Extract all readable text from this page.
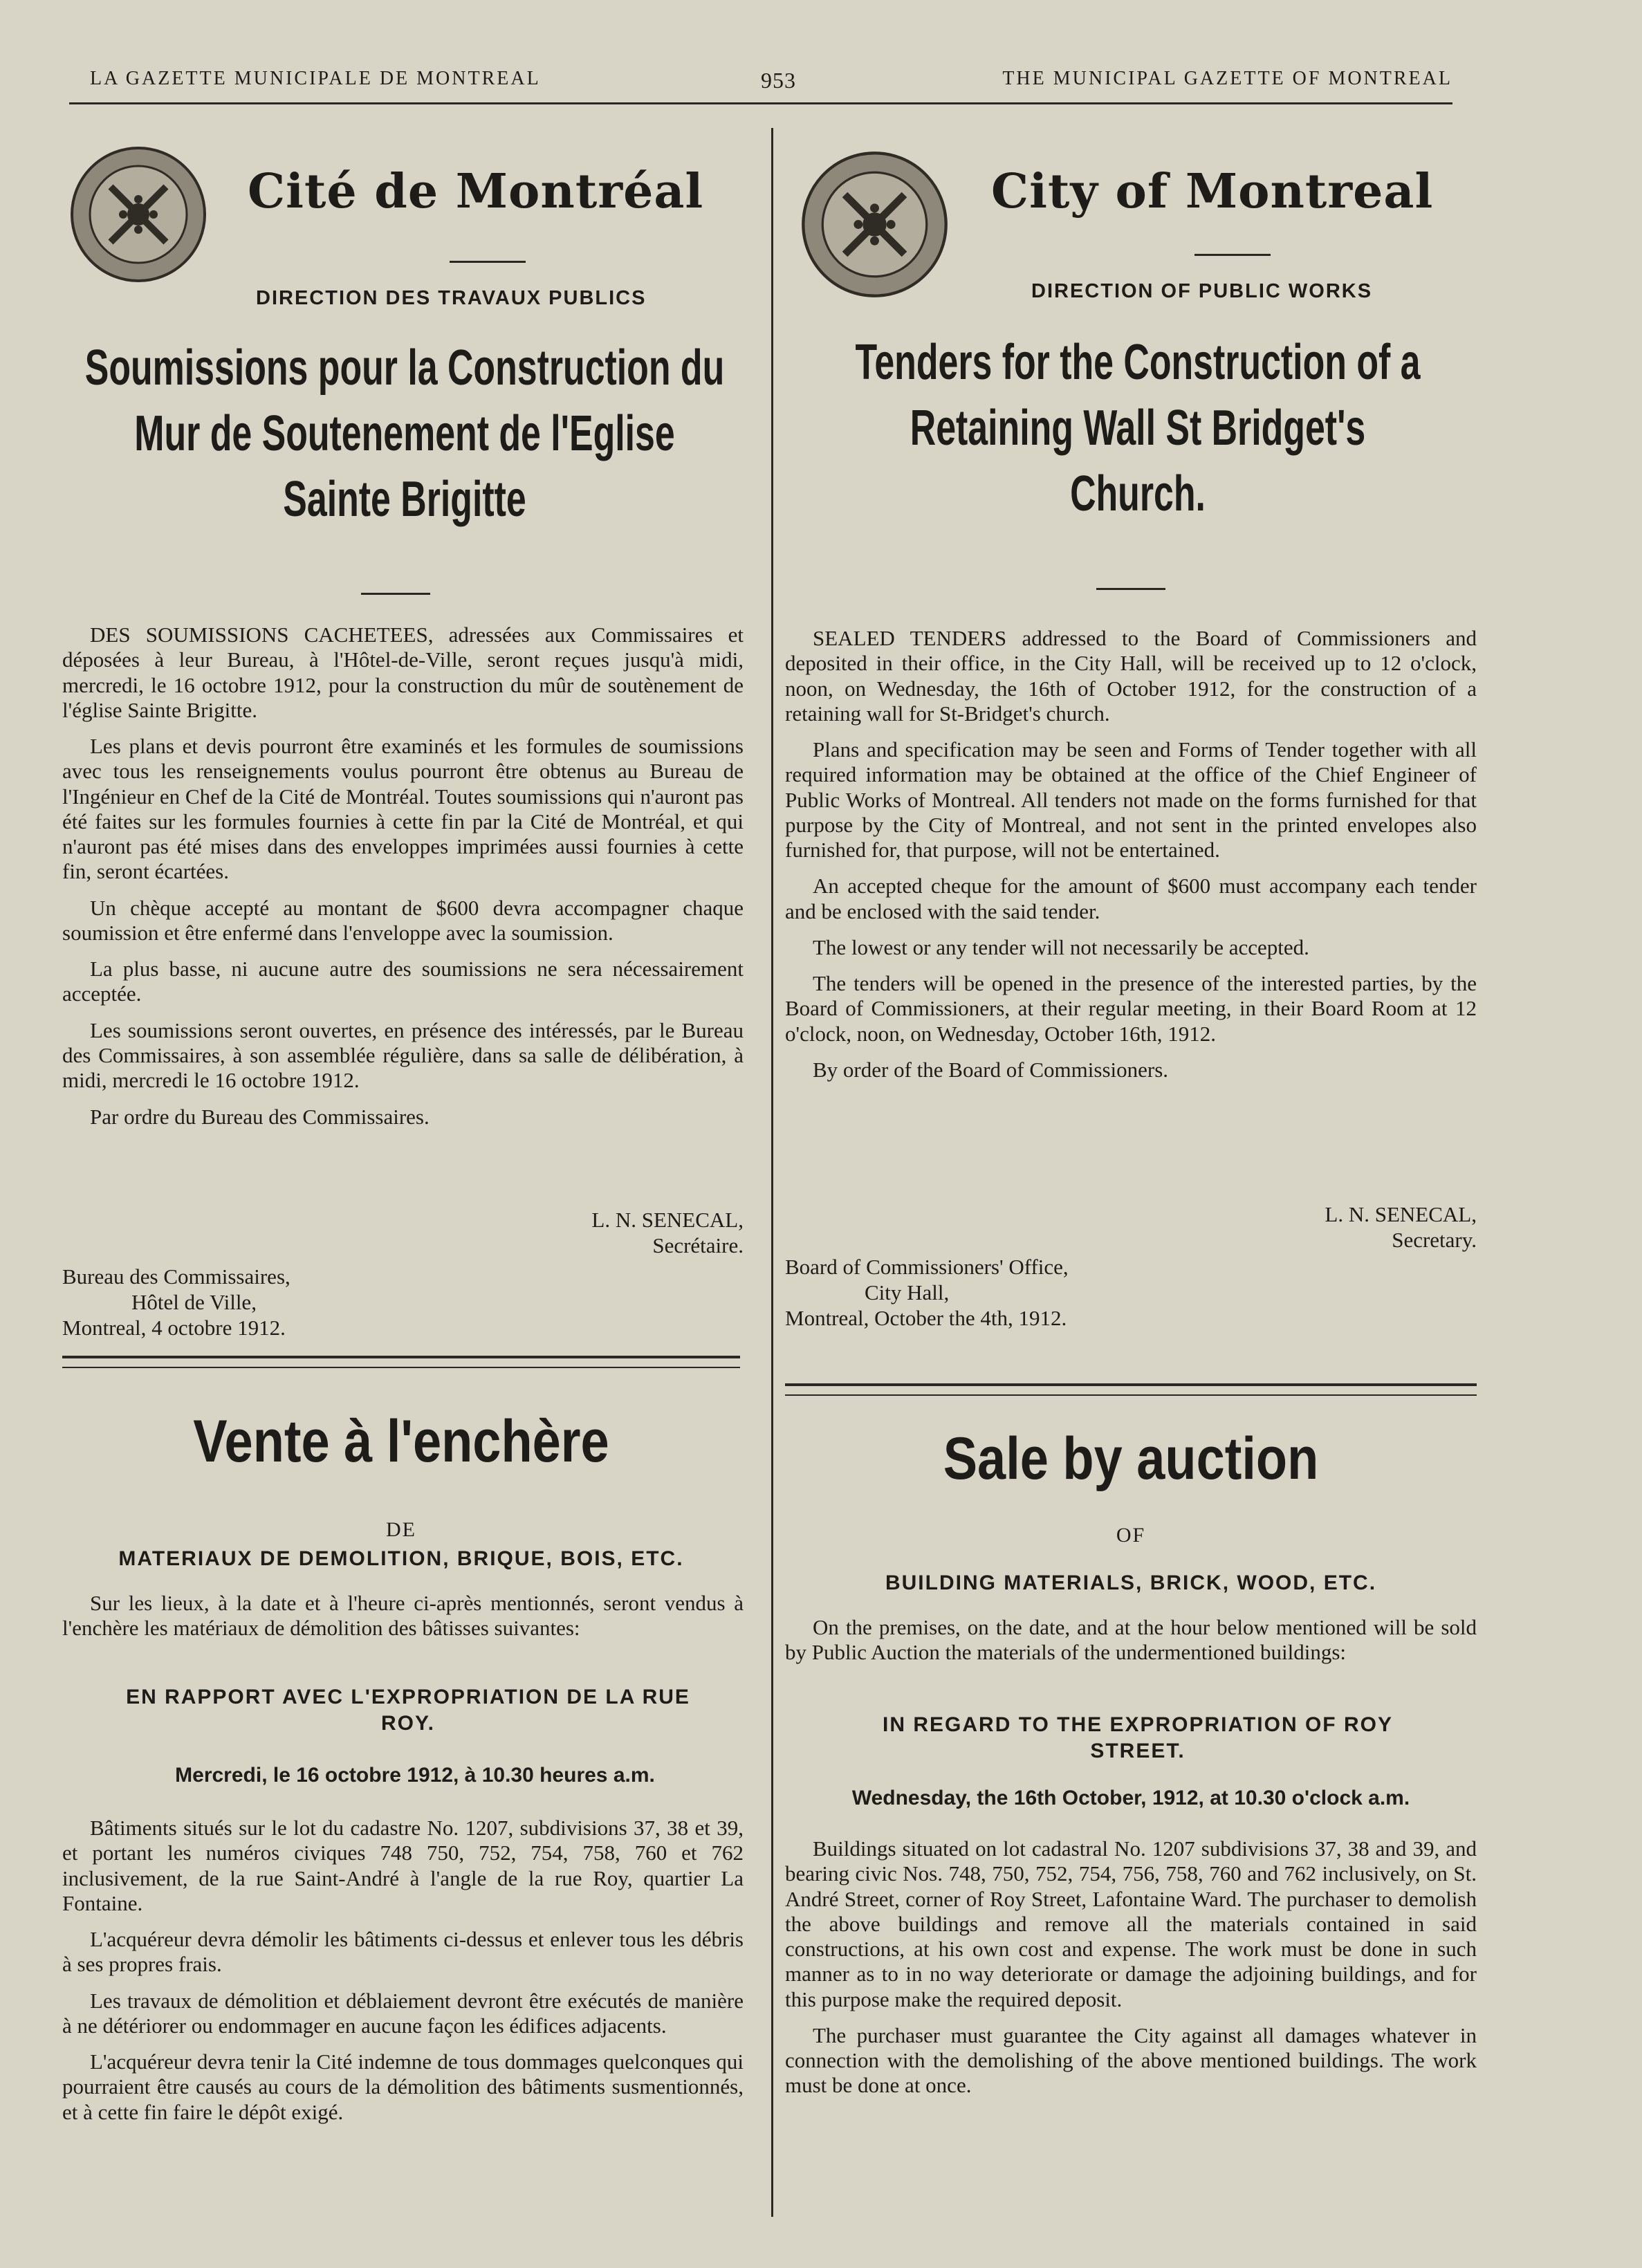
LA GAZETTE MUNICIPALE DE MONTREAL	953	THE MUNICIPAL GAZETTE OF MONTREAL
Cité de Montréal
DIRECTION DES TRAVAUX PUBLICS
Soumissions pour la Construction du
Mur de Soutenement de l'Eglise
Sainte Brigitte

DES SOUMISSIONS CACHETEES, adressées aux Commissaires et déposées à leur Bureau, à l'Hôtel-de-Ville, seront reçues jusqu'à midi, mercredi, le 16 octobre 1912, pour la construction du mûr de soutènement de l'église Sainte Brigitte.

Les plans et devis pourront être examinés et les formules de soumissions avec tous les renseignements voulus pourront être obtenus au Bureau de l'Ingénieur en Chef de la Cité de Montréal. Toutes soumissions qui n'auront pas été faites sur les formules fournies à cette fin par la Cité de Montréal, et qui n'auront pas été mises dans des enveloppes imprimées aussi fournies à cette fin, seront écartées.

Un chèque accepté au montant de $600 devra accompagner chaque soumission et être enfermé dans l'enveloppe avec la soumission.

La plus basse, ni aucune autre des soumissions ne sera nécessairement acceptée.

Les soumissions seront ouvertes, en présence des intéressés, par le Bureau des Commissaires, à son assemblée régulière, dans sa salle de délibération, à midi, mercredi le 16 octobre 1912.

Par ordre du Bureau des Commissaires.

L. N. SENECAL,
Secrétaire.
Bureau des Commissaires,
Hôtel de Ville,
Montreal, 4 octobre 1912.
Vente à l'enchère
DE
MATERIAUX DE DEMOLITION, BRIQUE, BOIS, ETC.

Sur les lieux, à la date et à l'heure ci-après mentionnés, seront vendus à l'enchère les matériaux de démolition des bâtisses suivantes:

EN RAPPORT AVEC L'EXPROPRIATION DE LA RUE ROY.
Mercredi, le 16 octobre 1912, à 10.30 heures a.m.

Bâtiments situés sur le lot du cadastre No. 1207, subdivisions 37, 38 et 39, et portant les numéros civiques 748 750, 752, 754, 758, 760 et 762 inclusivement, de la rue Saint-André à l'angle de la rue Roy, quartier La Fontaine.

L'acquéreur devra démolir les bâtiments ci-dessus et enlever tous les débris à ses propres frais.

Les travaux de démolition et déblaiement devront être exécutés de manière à ne détériorer ou endommager en aucune façon les édifices adjacents.

L'acquéreur devra tenir la Cité indemne de tous dommages quelconques qui pourraient être causés au cours de la démolition des bâtiments susmentionnés, et à cette fin faire le dépôt exigé.

City of Montreal
DIRECTION OF PUBLIC WORKS
Tenders for the Construction of a
Retaining Wall St Bridget's
Church.

SEALED TENDERS addressed to the Board of Commissioners and deposited in their office, in the City Hall, will be received up to 12 o'clock, noon, on Wednesday, the 16th of October 1912, for the construction of a retaining wall for St-Bridget's church.

Plans and specification may be seen and Forms of Tender together with all required information may be obtained at the office of the Chief Engineer of Public Works of Montreal. All tenders not made on the forms furnished for that purpose by the City of Montreal, and not sent in the printed envelopes also furnished for, that purpose, will not be entertained.

An accepted cheque for the amount of $600 must accompany each tender and be enclosed with the said tender.

The lowest or any tender will not necessarily be accepted.

The tenders will be opened in the presence of the interested parties, by the Board of Commissioners, at their regular meeting, in their Board Room at 12 o'clock, noon, on Wednesday, October 16th, 1912.

By order of the Board of Commissioners.

L. N. SENECAL,
Secretary.
Board of Commissioners' Office,
City Hall,
Montreal, October the 4th, 1912.
Sale by auction
OF
BUILDING MATERIALS, BRICK, WOOD, ETC.

On the premises, on the date, and at the hour below mentioned will be sold by Public Auction the materials of the undermentioned buildings:

IN REGARD TO THE EXPROPRIATION OF ROY STREET.
Wednesday, the 16th October, 1912, at 10.30 o'clock a.m.

Buildings situated on lot cadastral No. 1207 subdivisions 37, 38 and 39, and bearing civic Nos. 748, 750, 752, 754, 756, 758, 760 and 762 inclusively, on St. André Street, corner of Roy Street, Lafontaine Ward. The purchaser to demolish the above buildings and remove all the materials contained in said constructions, at his own cost and expense. The work must be done in such manner as to in no way deteriorate or damage the adjoining buildings, and for this purpose make the required deposit.

The purchaser must guarantee the City against all damages whatever in connection with the demolishing of the above mentioned buildings. The work must be done at once.
